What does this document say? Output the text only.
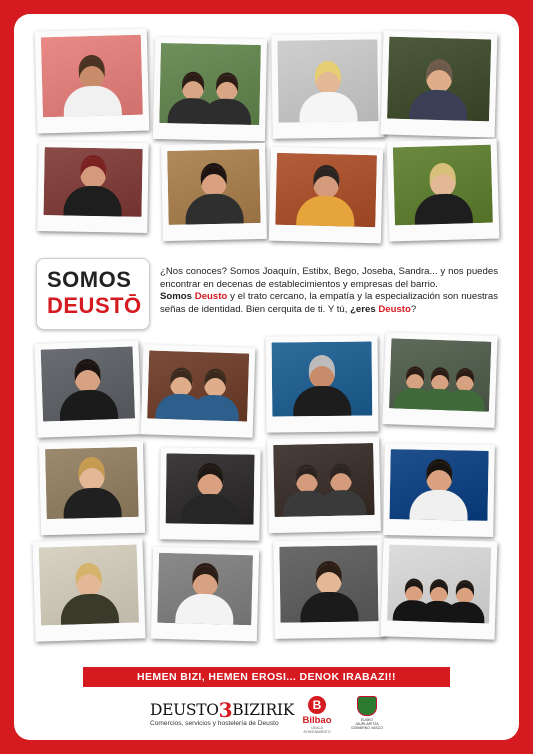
SOMOS
DEUSTŌ
¿Nos conoces? Somos Joaquín, Estibx, Bego, Joseba, Sandra... y nos puedes encontrar en decenas de establecimientos y empresas del barrio.
Somos Deusto y el trato cercano, la empatía y la especialización son nuestras señas de identidad. Bien cerquita de ti. Y tú, ¿eres Deusto?
HEMEN BIZI, HEMEN EROSI... DENOK IRABAZI!!
DEUSTO3BIZIRIK
Comercios, servicios y hostelería de Deusto
B
Bilbao
UDALA AYUNTAMIENTO
EUSKO JAURLARITZA GOBIERNO VASCO
